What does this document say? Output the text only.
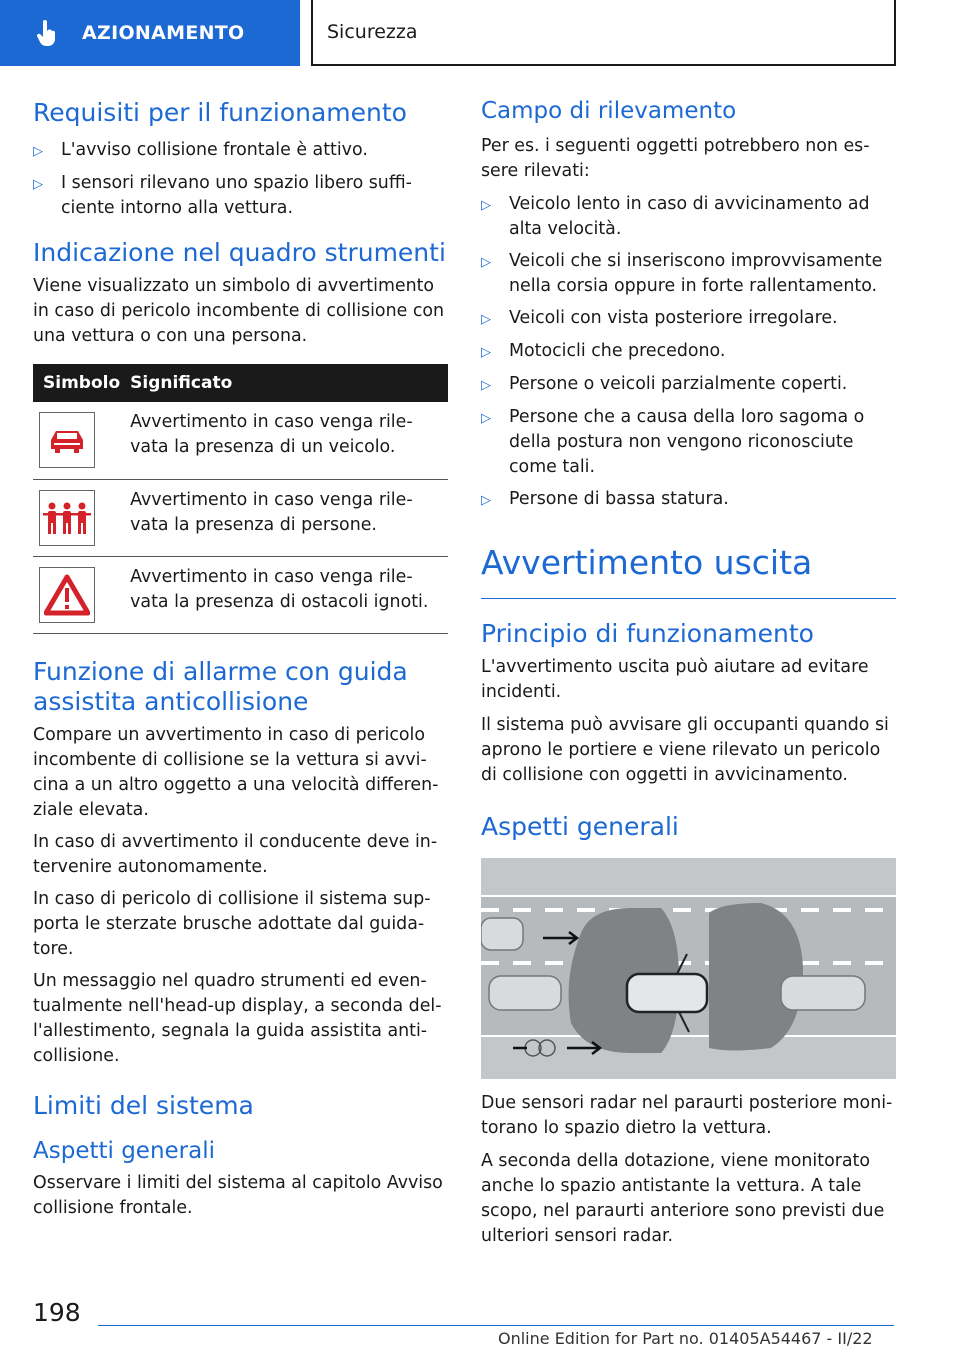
AZIONAMENTO	Sicurezza
Requisiti per il funzionamento
▷	L'avviso collisione frontale è attivo.
▷	I sensori rilevano uno spazio libero suffi‐ ciente intorno alla vettura.
Indicazione nel quadro strumenti
Viene visualizzato un simbolo di avvertimento in caso di pericolo incombente di collisione con una vettura o con una persona.
Simbolo	Significato

	Avvertimento in caso venga rile‐ vata la presenza di un veicolo.

	Avvertimento in caso venga rile‐ vata la presenza di persone.

	Avvertimento in caso venga rile‐ vata la presenza di ostacoli ignoti.
Funzione di allarme con guida assistita anticollisione
Compare un avvertimento in caso di pericolo incombente di collisione se la vettura si avvi‐ cina a un altro oggetto a una velocità differen‐ ziale elevata.
In caso di avvertimento il conducente deve in‐ tervenire autonomamente.
In caso di pericolo di collisione il sistema sup‐ porta le sterzate brusche adottate dal guida‐ tore.
Un messaggio nel quadro strumenti ed even‐ tualmente nell'head-up display, a seconda del‐ l'allestimento, segnala la guida assistita anti‐ collisione.
Limiti del sistema
Aspetti generali
Osservare i limiti del sistema al capitolo Avviso collisione frontale.
Campo di rilevamento
Per es. i seguenti oggetti potrebbero non es‐ sere rilevati:
▷	Veicolo lento in caso di avvicinamento ad alta velocità.
▷	Veicoli che si inseriscono improvvisamente nella corsia oppure in forte rallentamento.
▷	Veicoli con vista posteriore irregolare.
▷	Motocicli che precedono.
▷	Persone o veicoli parzialmente coperti.
▷	Persone che a causa della loro sagoma o della postura non vengono riconosciute come tali.
▷	Persone di bassa statura.
Avvertimento uscita
Principio di funzionamento
L'avvertimento uscita può aiutare ad evitare incidenti.
Il sistema può avvisare gli occupanti quando si aprono le portiere e viene rilevato un pericolo di collisione con oggetti in avvicinamento.
Aspetti generali
Due sensori radar nel paraurti posteriore moni‐ torano lo spazio dietro la vettura.
A seconda della dotazione, viene monitorato anche lo spazio antistante la vettura. A tale scopo, nel paraurti anteriore sono previsti due ulteriori sensori radar.
198
Online Edition for Part no. 01405A54467 - II/22
